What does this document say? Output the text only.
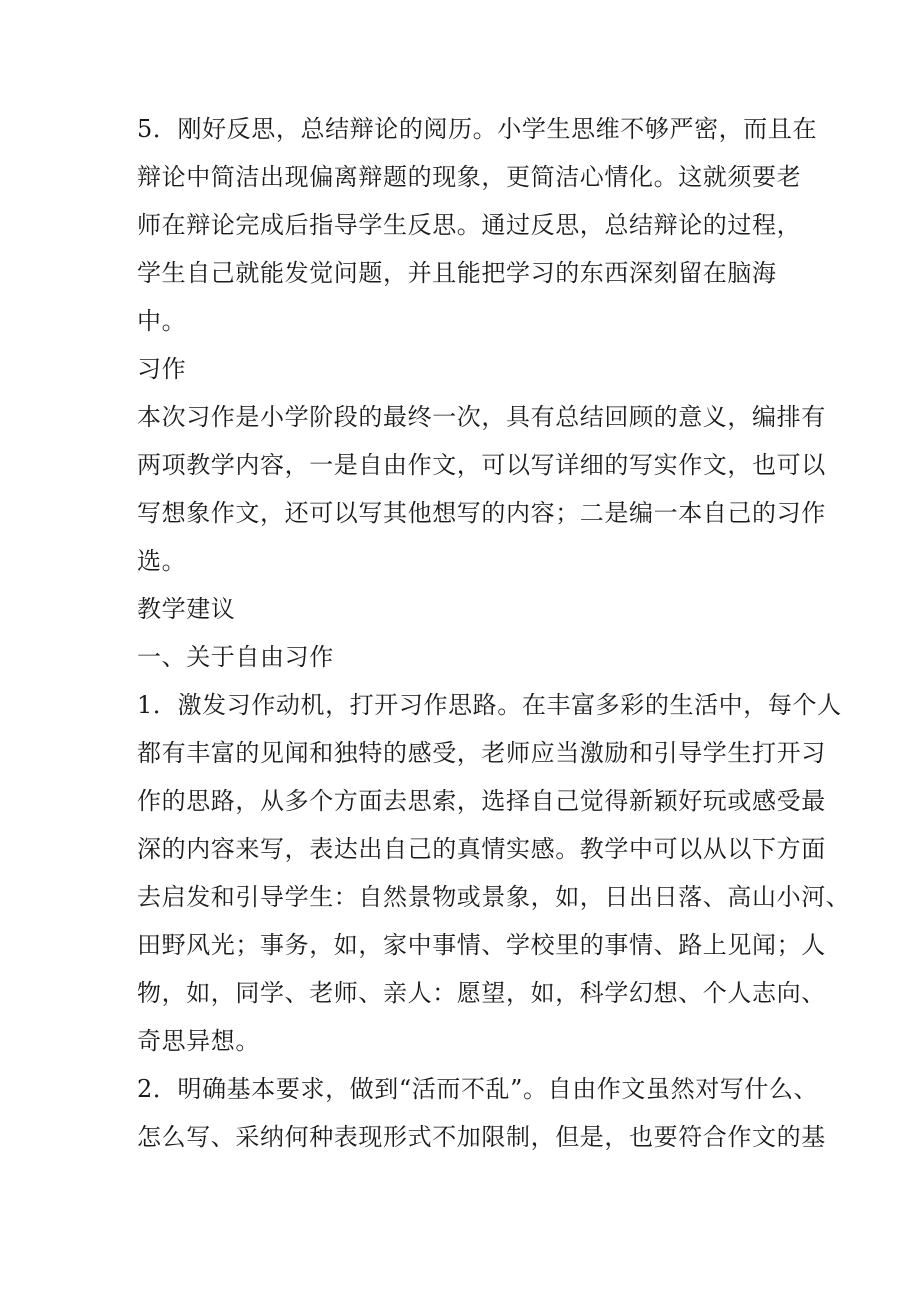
5．刚好反思，总结辩论的阅历。小学生思维不够严密，而且在
辩论中简洁出现偏离辩题的现象，更简洁心情化。这就须要老
师在辩论完成后指导学生反思。通过反思，总结辩论的过程，
学生自己就能发觉问题，并且能把学习的东西深刻留在脑海
中。
习作
本次习作是小学阶段的最终一次，具有总结回顾的意义，编排有
两项教学内容，一是自由作文，可以写详细的写实作文，也可以
写想象作文，还可以写其他想写的内容；二是编一本自己的习作
选。
教学建议
一、关于自由习作
1．激发习作动机，打开习作思路。在丰富多彩的生活中，每个人
都有丰富的见闻和独特的感受，老师应当激励和引导学生打开习
作的思路，从多个方面去思索，选择自己觉得新颖好玩或感受最
深的内容来写，表达出自己的真情实感。教学中可以从以下方面
去启发和引导学生：自然景物或景象，如，日出日落、高山小河、
田野风光；事务，如，家中事情、学校里的事情、路上见闻；人
物，如，同学、老师、亲人：愿望，如，科学幻想、个人志向、
奇思异想。
2．明确基本要求，做到“活而不乱”。自由作文虽然对写什么、
怎么写、采纳何种表现形式不加限制，但是，也要符合作文的基
